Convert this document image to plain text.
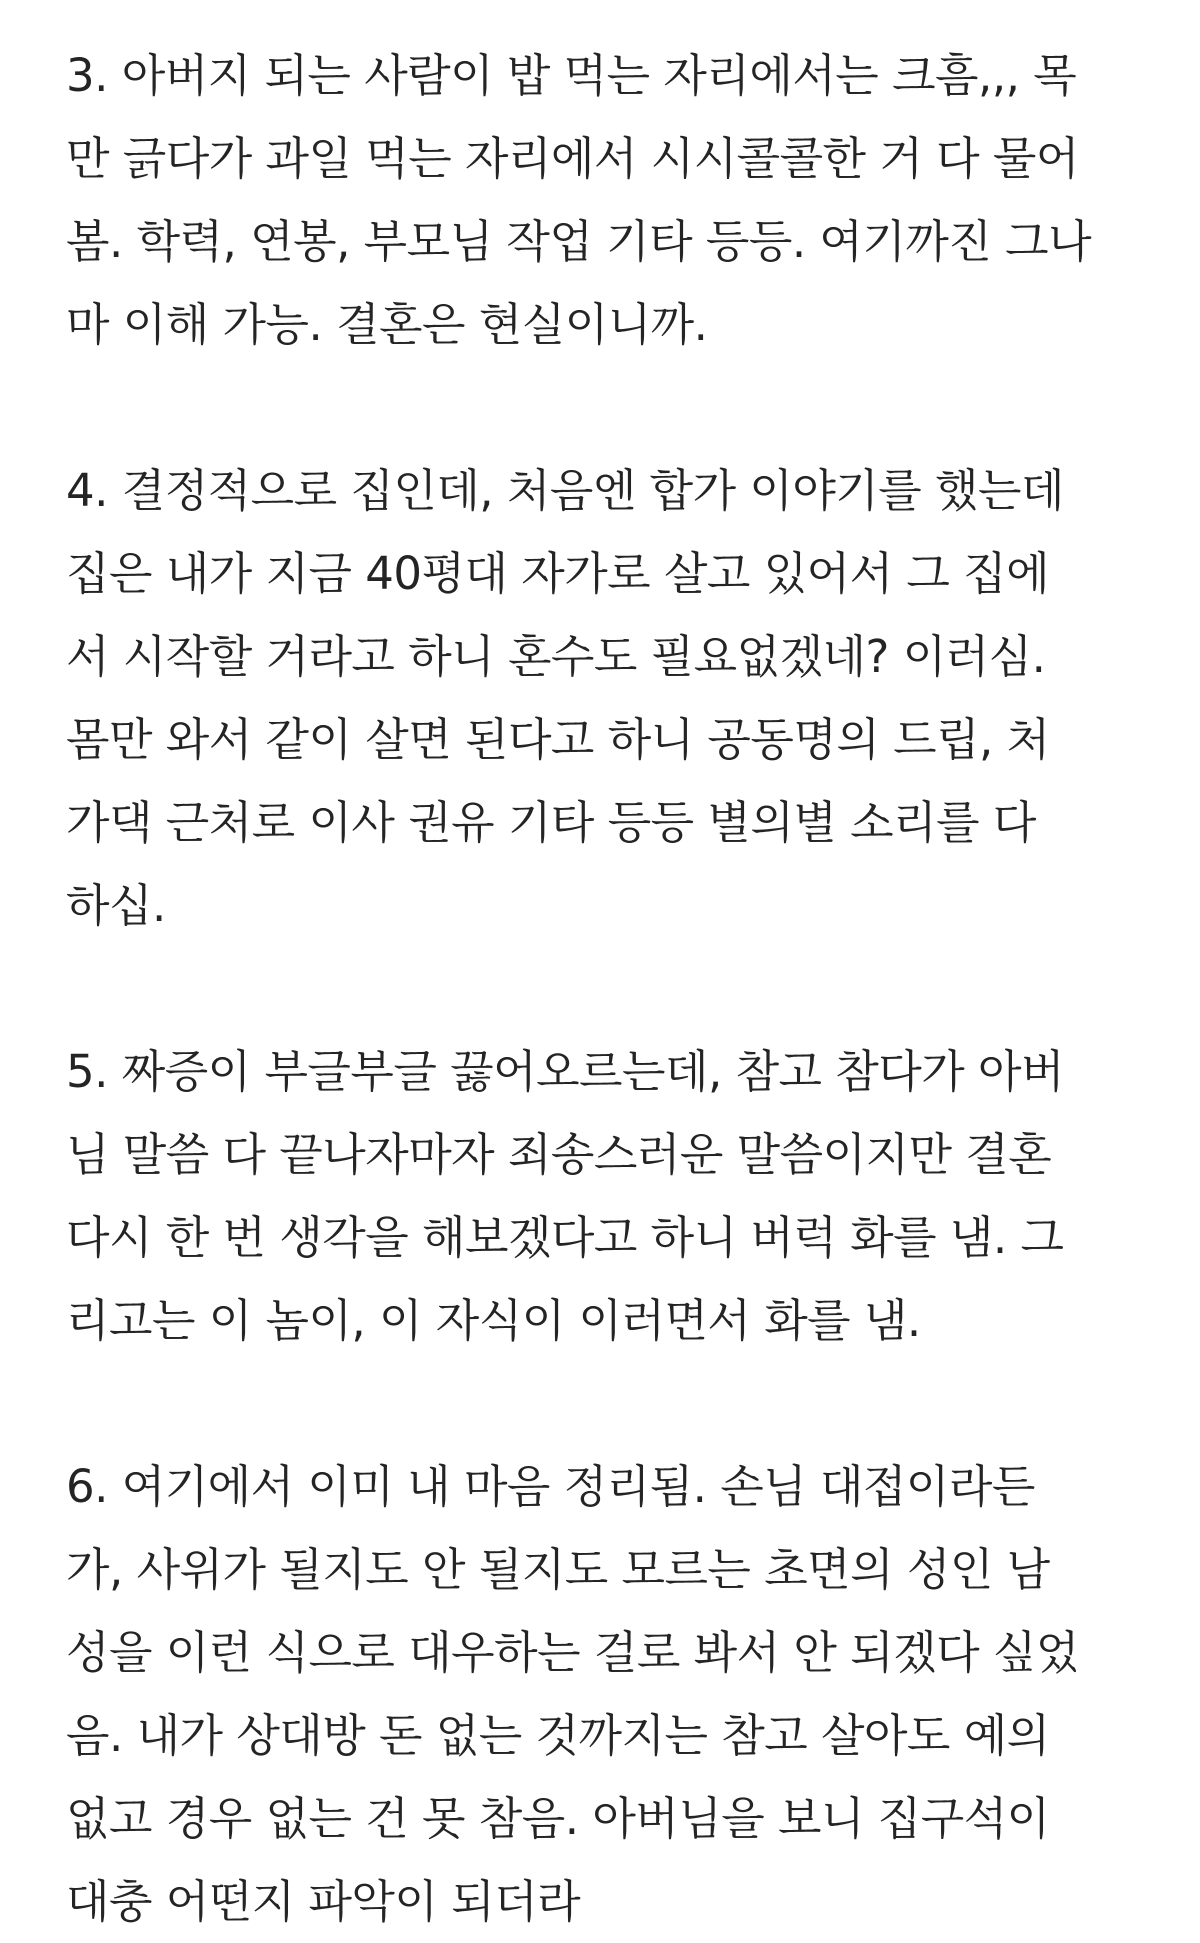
3. 아버지 되는 사람이 밥 먹는 자리에서는 크흠,,, 목
만 긁다가 과일 먹는 자리에서 시시콜콜한 거 다 물어
봄. 학력, 연봉, 부모님 작업 기타 등등. 여기까진 그나
마 이해 가능. 결혼은 현실이니까.

4. 결정적으로 집인데, 처음엔 합가 이야기를 했는데
집은 내가 지금 40평대 자가로 살고 있어서 그 집에
서 시작할 거라고 하니 혼수도 필요없겠네? 이러심.
몸만 와서 같이 살면 된다고 하니 공동명의 드립, 처
가댁 근처로 이사 권유 기타 등등 별의별 소리를 다
하십.

5. 짜증이 부글부글 끓어오르는데, 참고 참다가 아버
님 말씀 다 끝나자마자 죄송스러운 말씀이지만 결혼
다시 한 번 생각을 해보겠다고 하니 버럭 화를 냄. 그
리고는 이 놈이, 이 자식이 이러면서 화를 냄.

6. 여기에서 이미 내 마음 정리됨. 손님 대접이라든
가, 사위가 될지도 안 될지도 모르는 초면의 성인 남
성을 이런 식으로 대우하는 걸로 봐서 안 되겠다 싶었
음. 내가 상대방 돈 없는 것까지는 참고 살아도 예의
없고 경우 없는 건 못 참음. 아버님을 보니 집구석이
대충 어떤지 파악이 되더라
